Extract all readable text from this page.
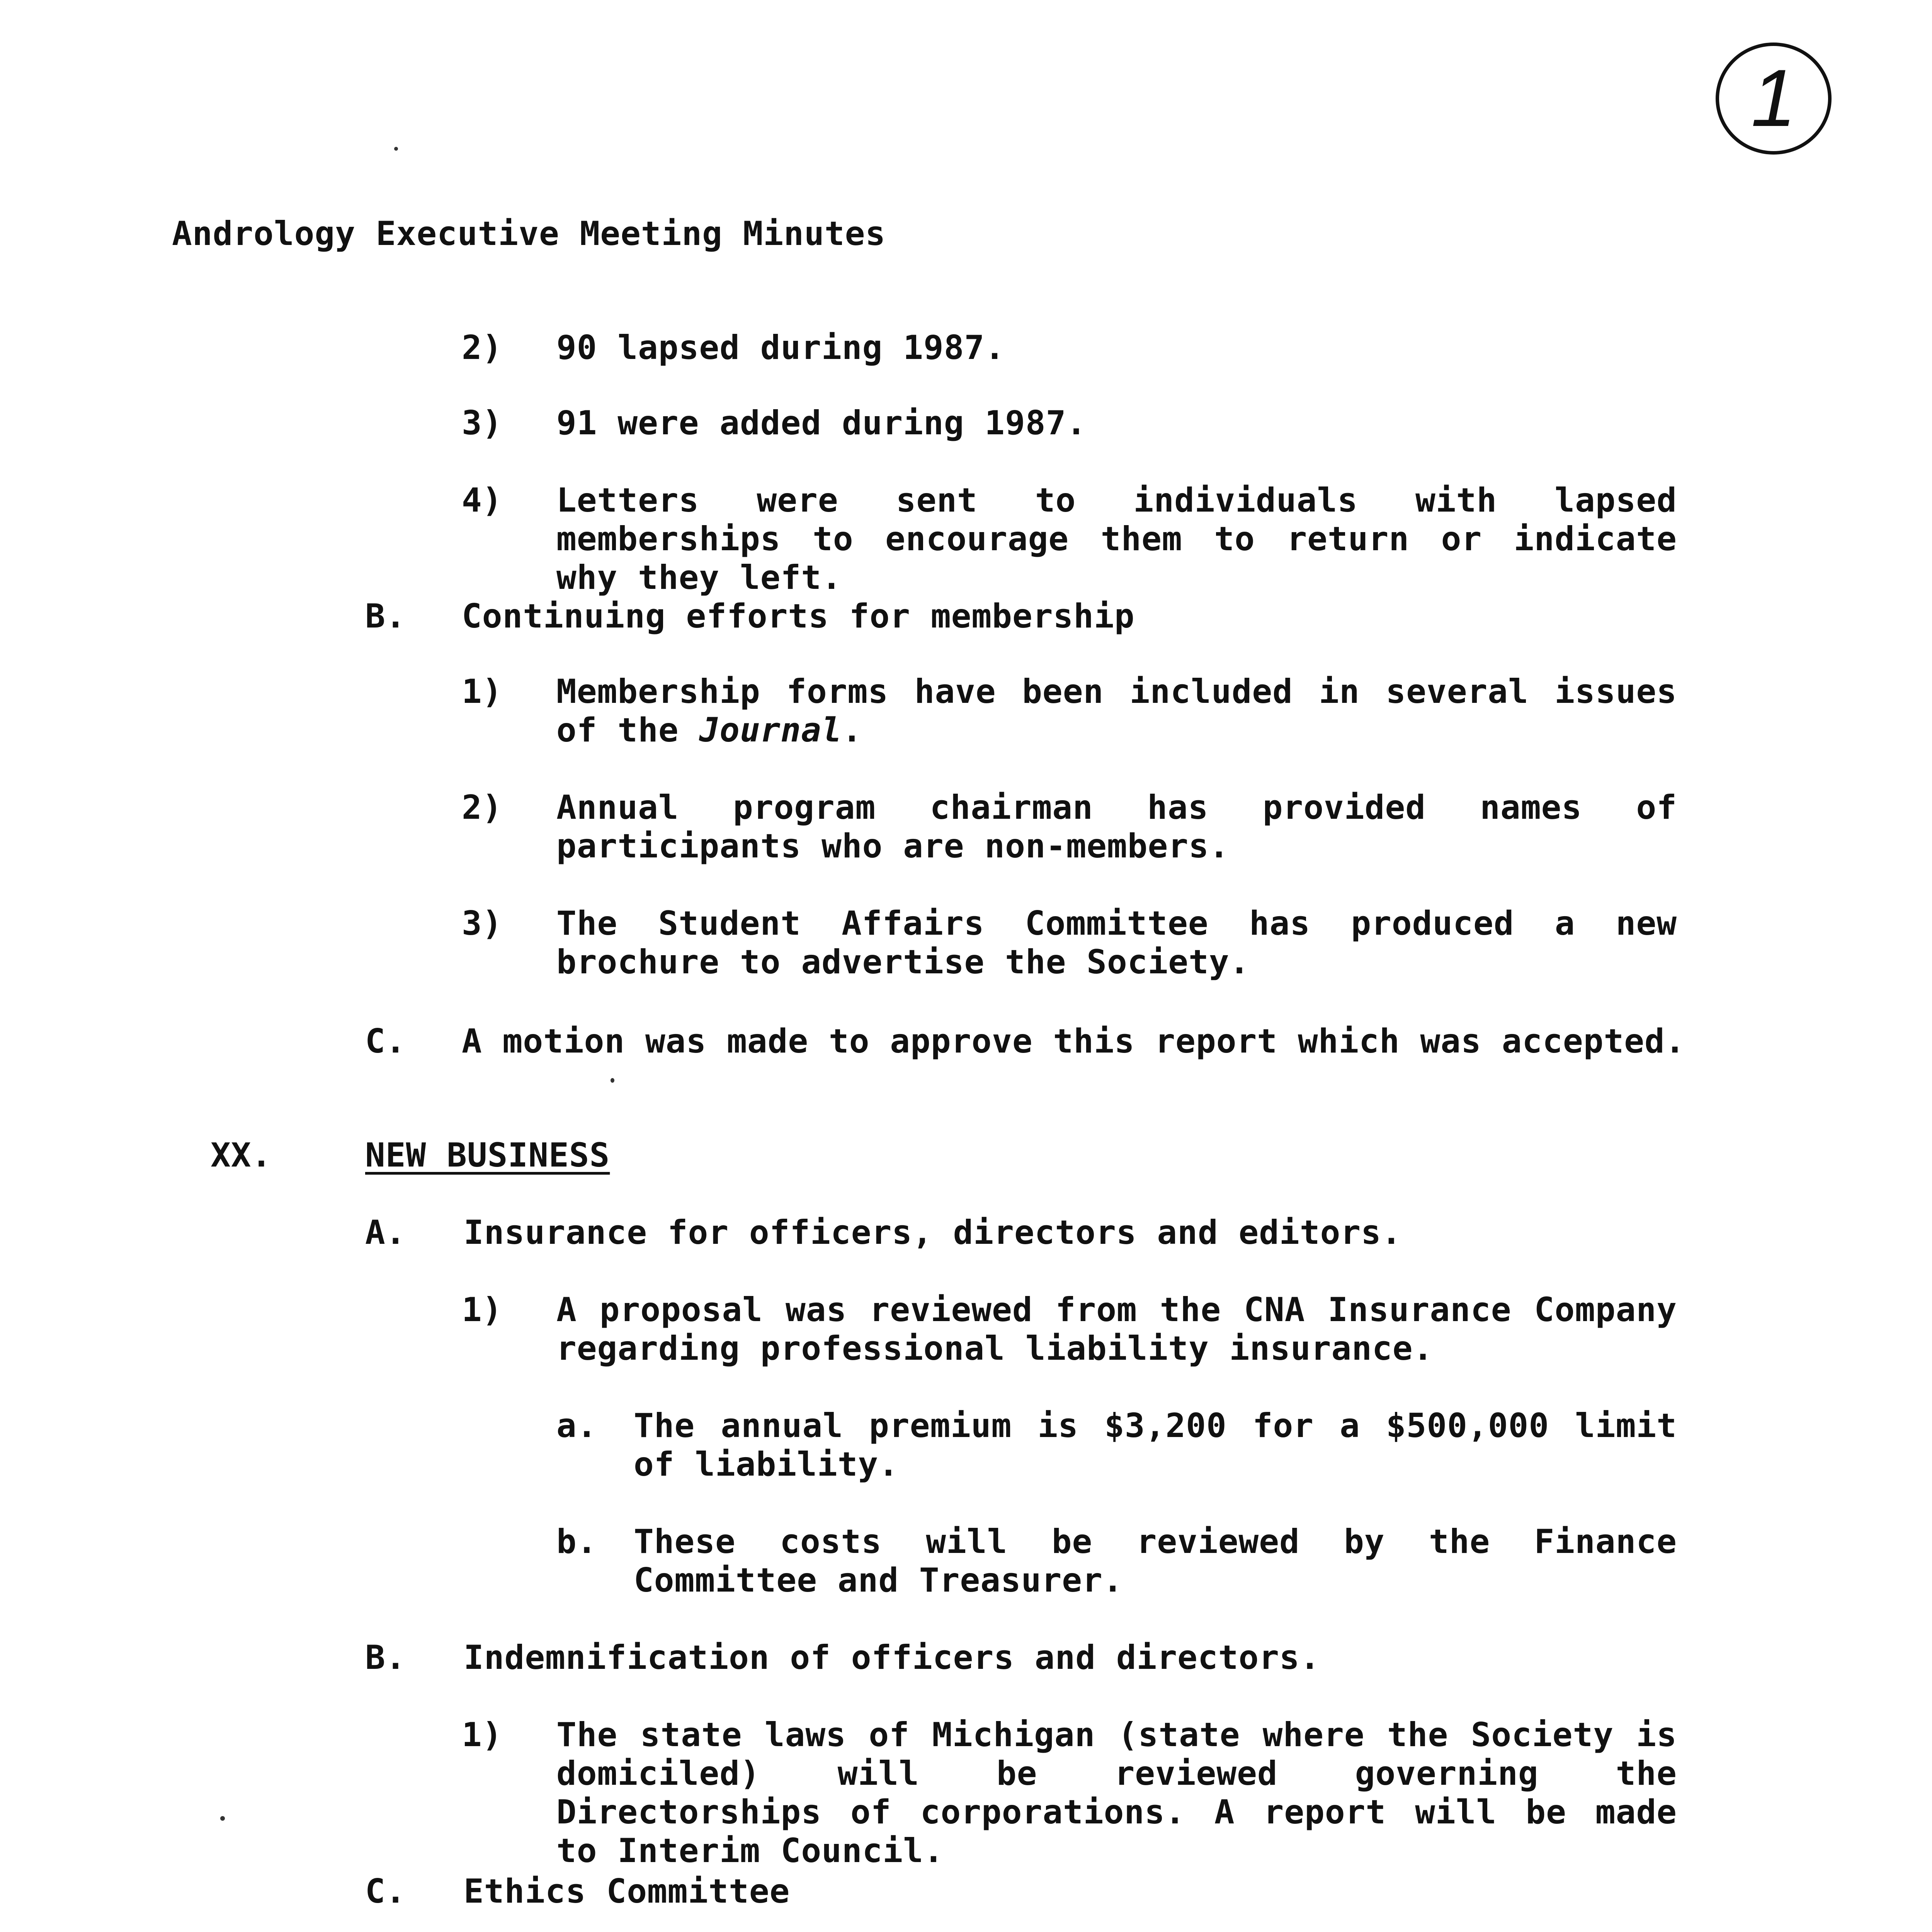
1
Andrology Executive Meeting Minutes
2) 90 lapsed during 1987.
3) 91 were added during 1987.
4) Letters were sent to individuals with lapsed memberships to encourage them to return or indicate why they left.
B. Continuing efforts for membership
1) Membership forms have been included in several issues of the Journal.
2) Annual program chairman has provided names of participants who are non-members.
3) The Student Affairs Committee has produced a new brochure to advertise the Society.
C. A motion was made to approve this report which was accepted.
XX.	NEW BUSINESS
A. Insurance for officers, directors and editors.
1) A proposal was reviewed from the CNA Insurance Company regarding professional liability insurance.
a. The annual premium is $3,200 for a $500,000 limit of liability.
b. These costs will be reviewed by the Finance Committee and Treasurer.
B. Indemnification of officers and directors.
1) The state laws of Michigan (state where the Society is domiciled) will be reviewed governing the Directorships of corporations. A report will be made to Interim Council.
C. Ethics Committee
